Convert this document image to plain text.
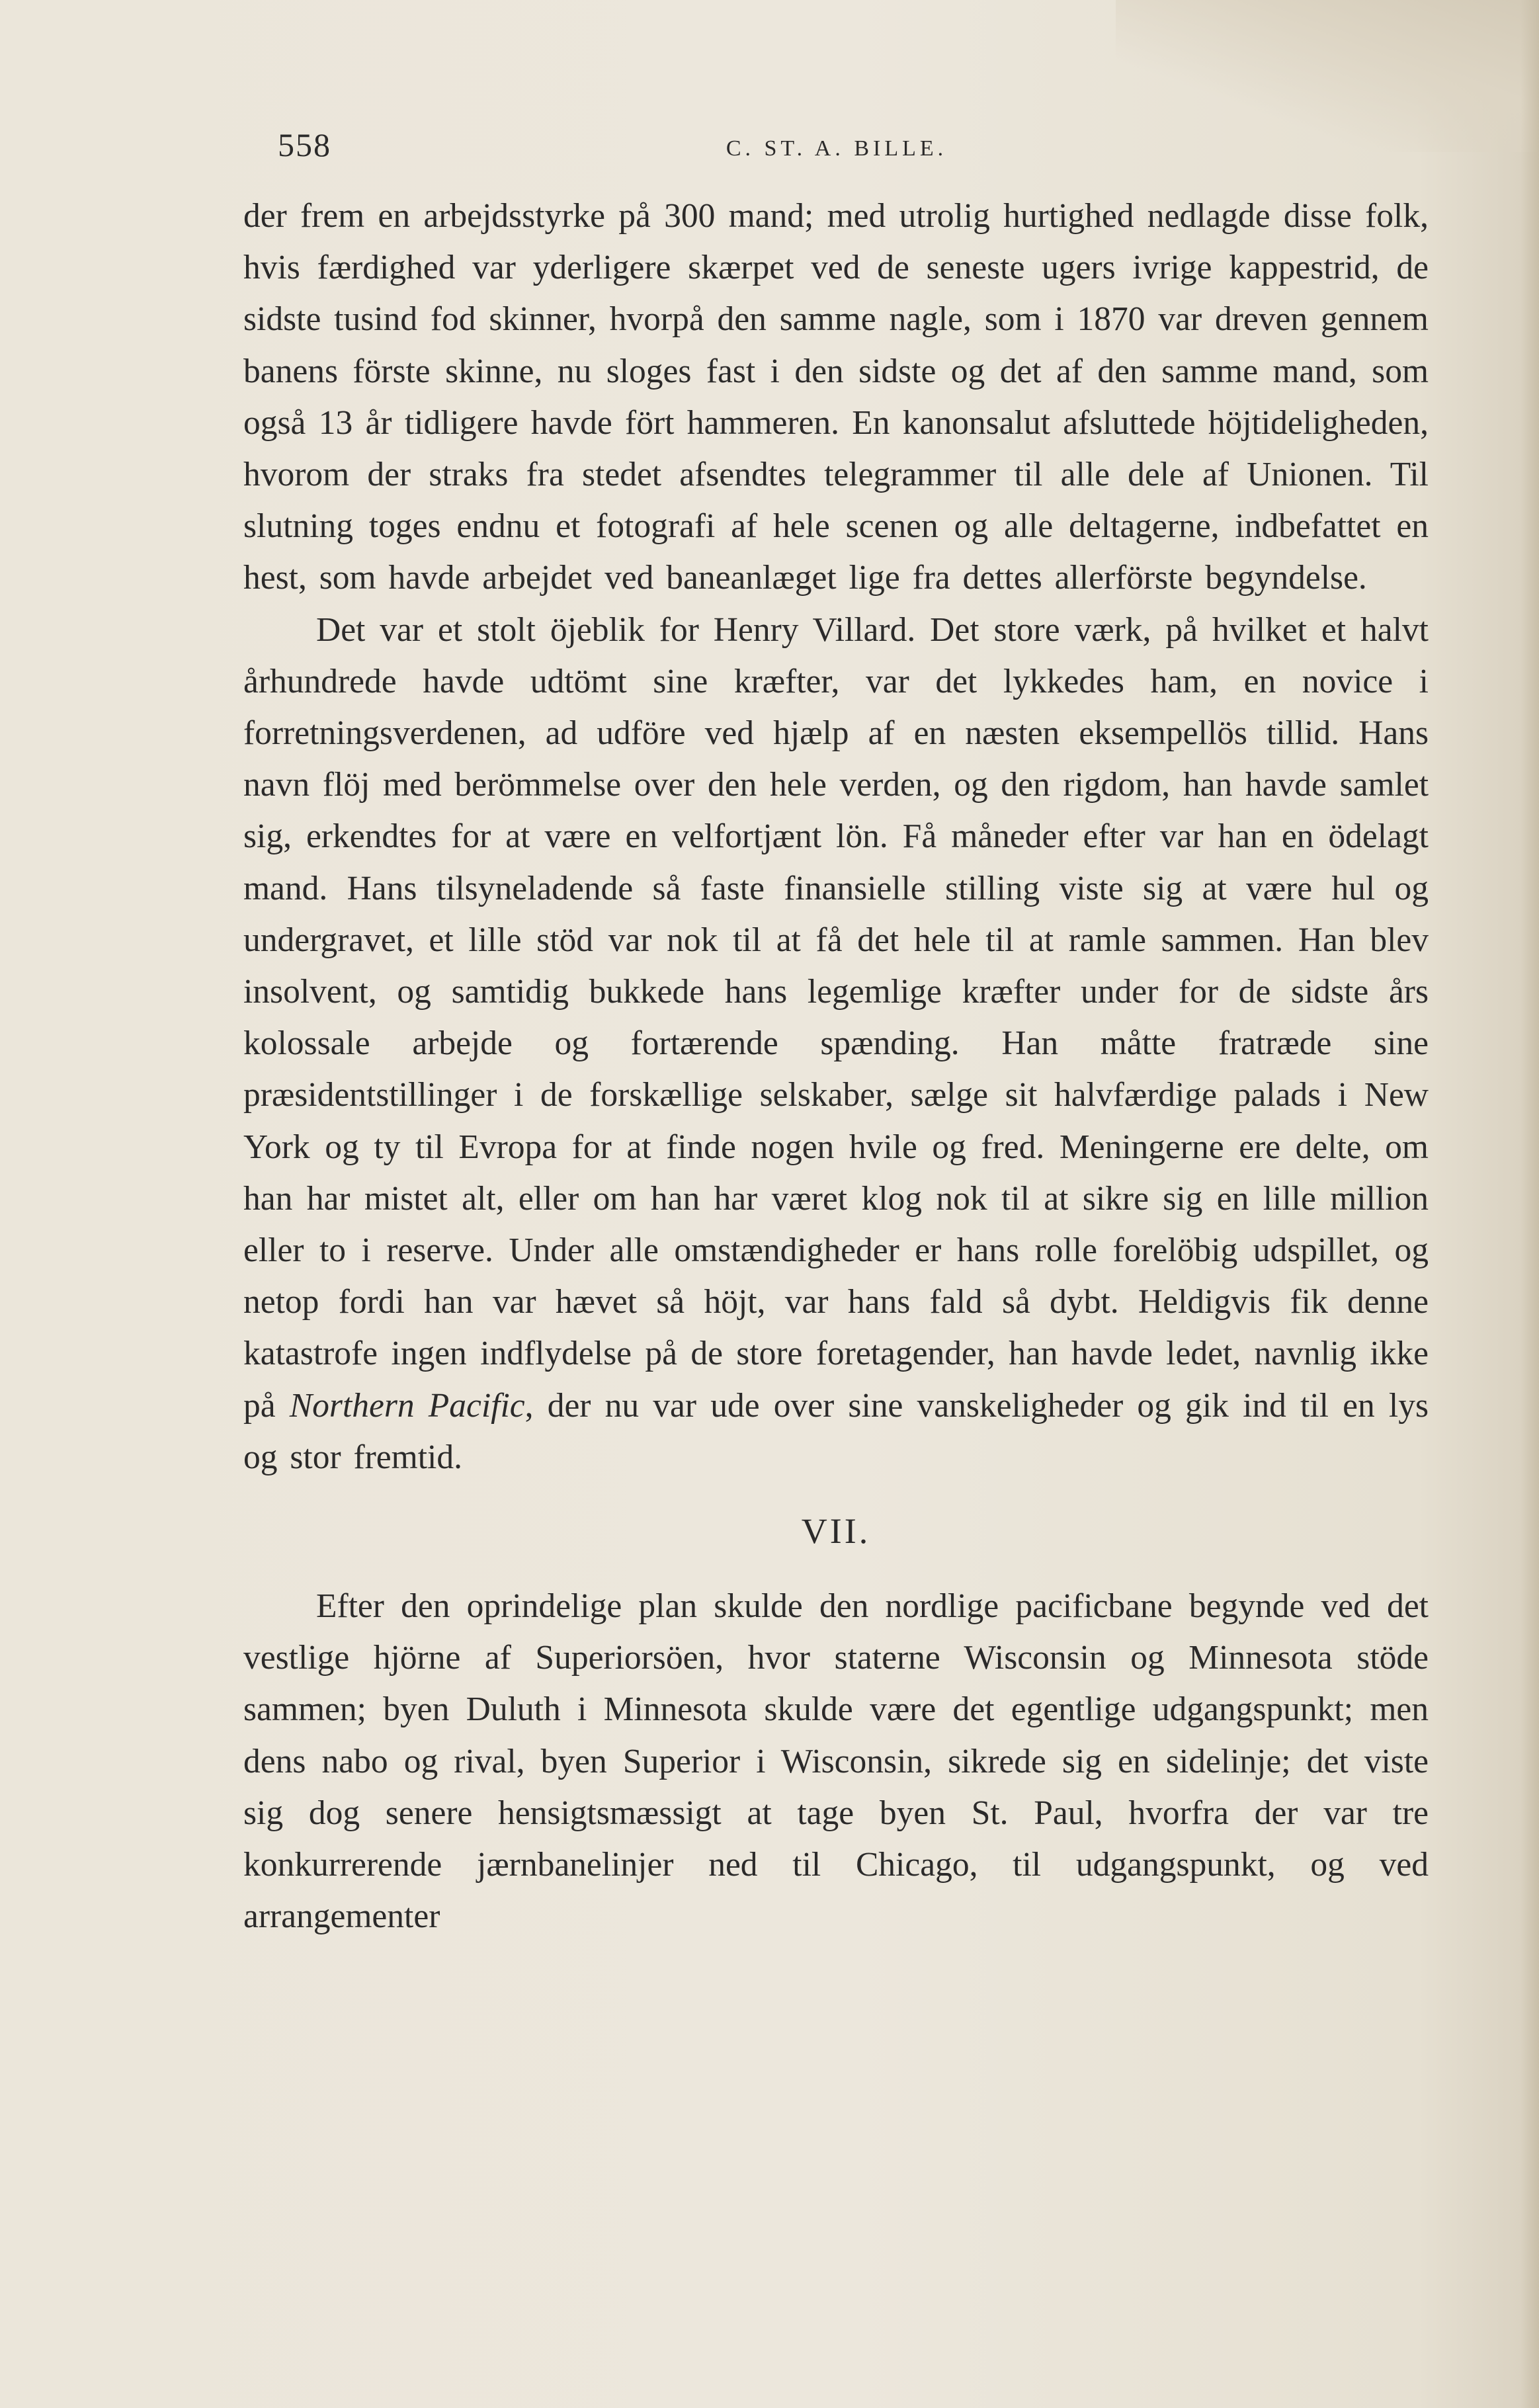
558	C. ST. A. BILLE.

der frem en arbejdsstyrke på 300 mand; med utrolig hurtighed nedlagde disse folk, hvis færdighed var yderligere skærpet ved de seneste ugers ivrige kappestrid, de sidste tusind fod skinner, hvorpå den samme nagle, som i 1870 var dreven gennem banens förste skinne, nu sloges fast i den sidste og det af den samme mand, som også 13 år tidligere havde fört hammeren. En kanonsalut afsluttede höjtideligheden, hvorom der straks fra stedet afsendtes telegrammer til alle dele af Unionen. Til slutning toges endnu et fotografi af hele scenen og alle deltagerne, indbefattet en hest, som havde arbejdet ved baneanlæget lige fra dettes allerförste begyndelse.

Det var et stolt öjeblik for Henry Villard. Det store værk, på hvilket et halvt århundrede havde udtömt sine kræfter, var det lykkedes ham, en novice i forretningsverdenen, ad udföre ved hjælp af en næsten eksempellös tillid. Hans navn flöj med berömmelse over den hele verden, og den rigdom, han havde samlet sig, erkendtes for at være en velfortjænt lön. Få måneder efter var han en ödelagt mand. Hans tilsyneladende så faste finansielle stilling viste sig at være hul og undergravet, et lille stöd var nok til at få det hele til at ramle sammen. Han blev insolvent, og samtidig bukkede hans legemlige kræfter under for de sidste års kolossale arbejde og fortærende spænding. Han måtte fratræde sine præsidentstillinger i de forskællige selskaber, sælge sit halvfærdige palads i New York og ty til Evropa for at finde nogen hvile og fred. Meningerne ere delte, om han har mistet alt, eller om han har været klog nok til at sikre sig en lille million eller to i reserve. Under alle omstændigheder er hans rolle forelöbig udspillet, og netop fordi han var hævet så höjt, var hans fald så dybt. Heldigvis fik denne katastrofe ingen indflydelse på de store foretagender, han havde ledet, navnlig ikke på Northern Pacific, der nu var ude over sine vanskeligheder og gik ind til en lys og stor fremtid.

VII.

Efter den oprindelige plan skulde den nordlige pacificbane begynde ved det vestlige hjörne af Superiorsöen, hvor staterne Wisconsin og Minnesota stöde sammen; byen Duluth i Minnesota skulde være det egentlige udgangspunkt; men dens nabo og rival, byen Superior i Wisconsin, sikrede sig en sidelinje; det viste sig dog senere hensigtsmæssigt at tage byen St. Paul, hvorfra der var tre konkurrerende jærnbanelinjer ned til Chicago, til udgangspunkt, og ved arrangementer
